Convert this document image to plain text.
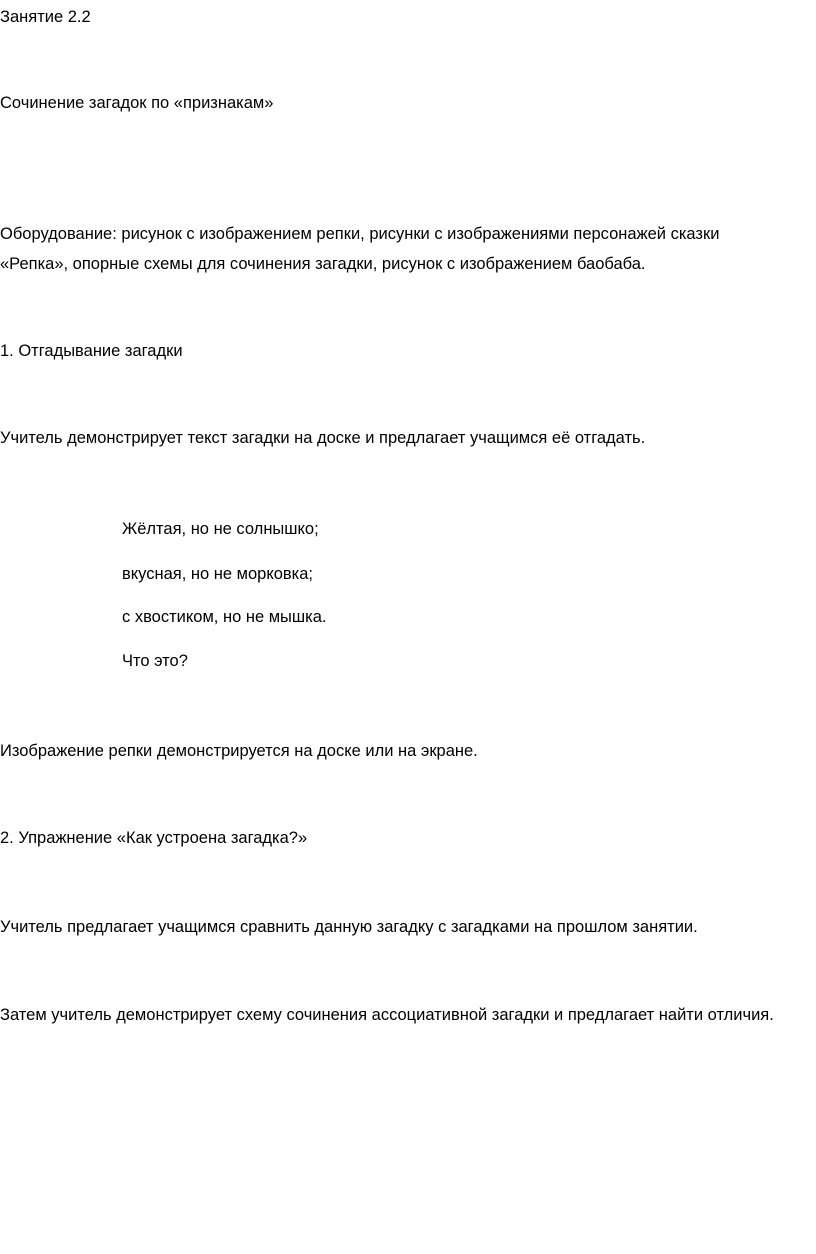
Занятие 2.2

Сочинение загадок по «признакам»

Оборудование: рисунок с изображением репки, рисунки с изображениями персонажей сказки «Репка», опорные схемы для сочинения загадки, рисунок с изображением баобаба.

1. Отгадывание загадки

Учитель демонстрирует текст загадки на доске и предлагает учащимся её отгадать.

Жёлтая, но не солнышко;

вкусная, но не морковка;

с хвостиком, но не мышка.

Что это?

Изображение репки демонстрируется на доске или на экране.

2. Упражнение «Как устроена загадка?»

Учитель предлагает учащимся сравнить данную загадку с загадками на прошлом занятии.

Затем учитель демонстрирует схему сочинения ассоциативной загадки и предлагает найти отличия.
